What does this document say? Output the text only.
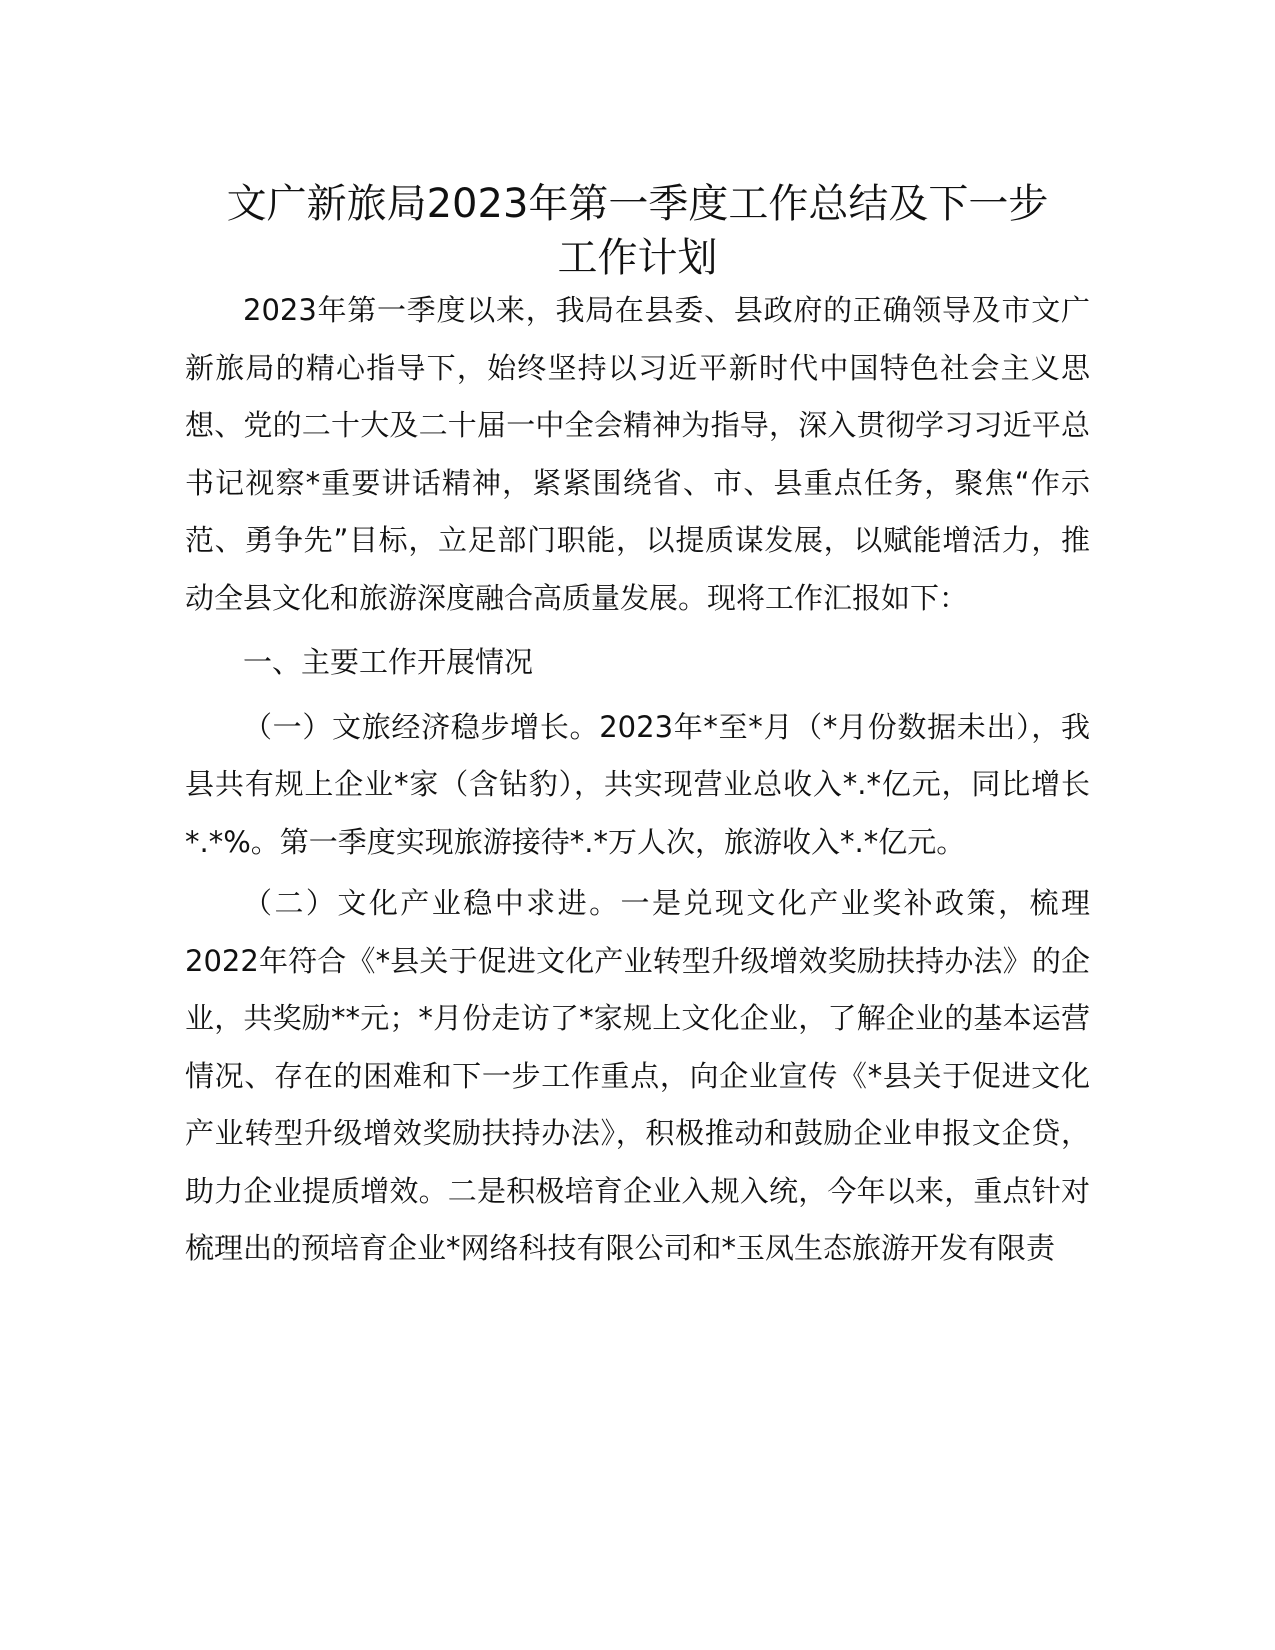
文广新旅局2023年第一季度工作总结及下一步
工作计划

2023年第一季度以来，我局在县委、县政府的正确领导及市文广新旅局的精心指导下，始终坚持以习近平新时代中国特色社会主义思想、党的二十大及二十届一中全会精神为指导，深入贯彻学习习近平总书记视察*重要讲话精神，紧紧围绕省、市、县重点任务，聚焦“作示范、勇争先”目标，立足部门职能，以提质谋发展，以赋能增活力，推动全县文化和旅游深度融合高质量发展。现将工作汇报如下：

一、主要工作开展情况

（一）文旅经济稳步增长。2023年*至*月（*月份数据未出），我县共有规上企业*家（含钻豹），共实现营业总收入*.*亿元，同比增长*.*%。第一季度实现旅游接待*.*万人次，旅游收入*.*亿元。

（二）文化产业稳中求进。一是兑现文化产业奖补政策，梳理2022年符合《*县关于促进文化产业转型升级增效奖励扶持办法》的企业，共奖励**元；*月份走访了*家规上文化企业，了解企业的基本运营情况、存在的困难和下一步工作重点，向企业宣传《*县关于促进文化产业转型升级增效奖励扶持办法》，积极推动和鼓励企业申报文企贷，助力企业提质增效。二是积极培育企业入规入统，今年以来，重点针对梳理出的预培育企业*网络科技有限公司和*玉凤生态旅游开发有限责
